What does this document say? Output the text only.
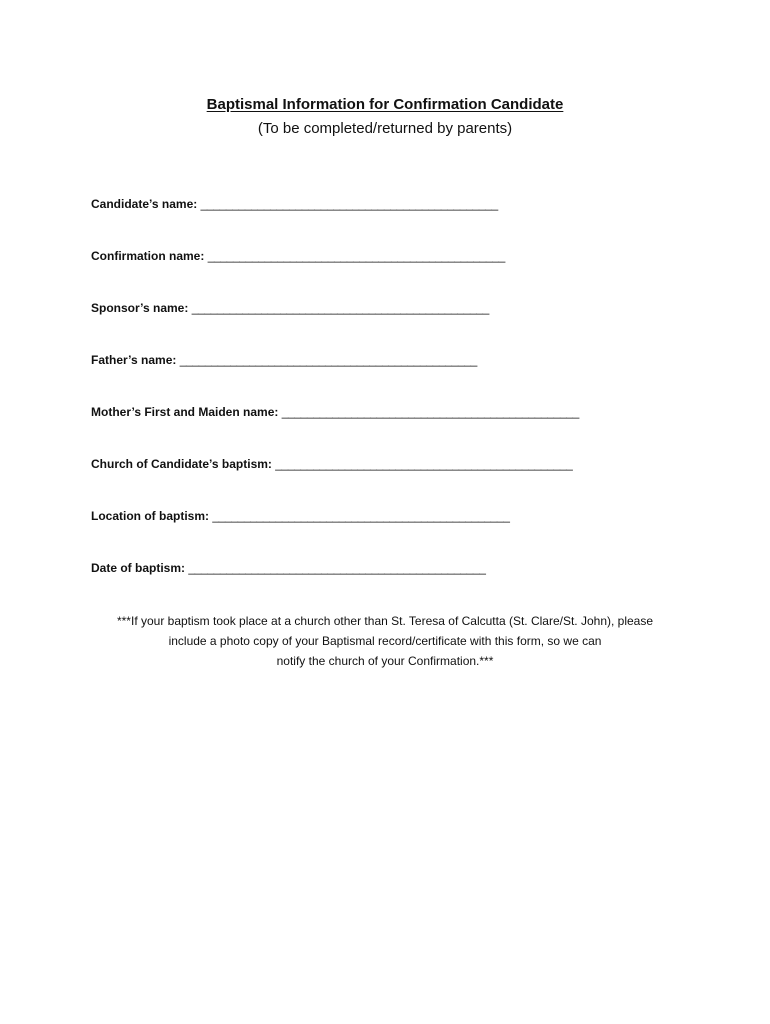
Baptismal Information for Confirmation Candidate
(To be completed/returned by parents)
Candidate’s name: _______________________________________________
Confirmation name: _______________________________________________
Sponsor’s name: _______________________________________________
Father’s name: _______________________________________________
Mother’s First and Maiden name: _______________________________________________
Church of Candidate’s baptism: _______________________________________________
Location of baptism: _______________________________________________
Date of baptism: _______________________________________________
***If your baptism took place at a church other than St. Teresa of Calcutta (St. Clare/St. John), please
include a photo copy of your Baptismal record/certificate with this form, so we can
notify the church of your Confirmation.***
